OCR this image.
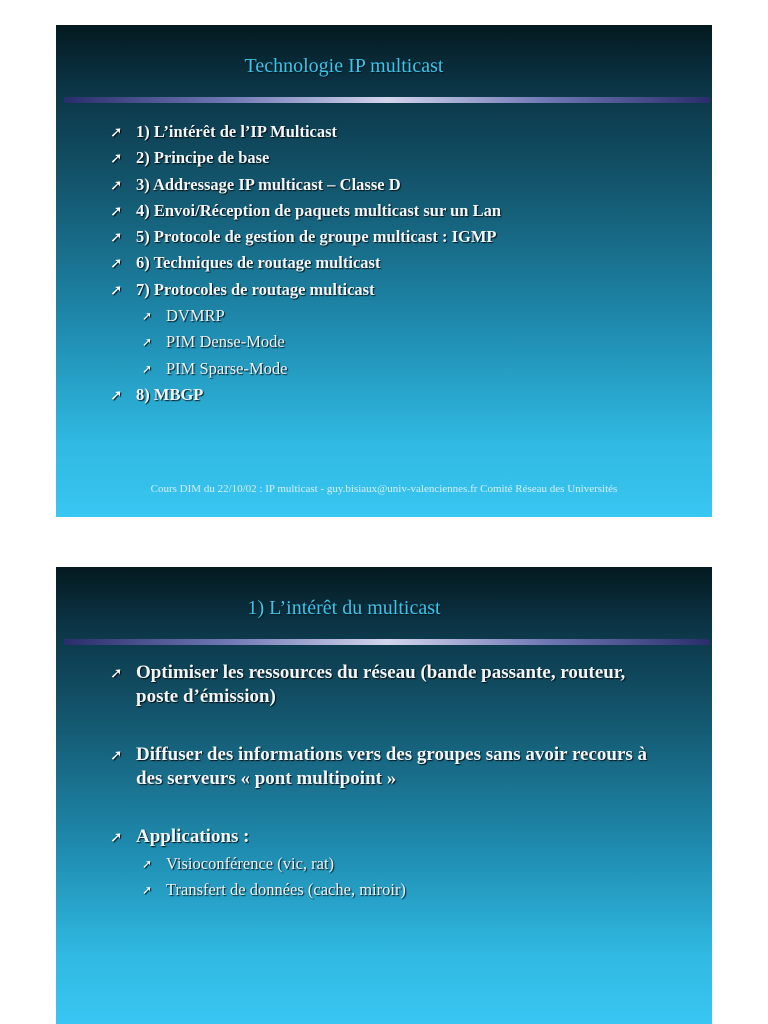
Technologie IP multicast
➚ 1) L’intérêt de l’IP Multicast
➚ 2) Principe de base
➚ 3) Addressage IP multicast – Classe D
➚ 4) Envoi/Réception de paquets multicast sur un Lan
➚ 5) Protocole de gestion de groupe multicast : IGMP
➚ 6) Techniques de routage multicast
➚ 7) Protocoles de routage multicast
➚ DVMRP
➚ PIM Dense-Mode
➚ PIM Sparse-Mode
➚ 8) MBGP
Cours DIM du 22/10/02 : IP multicast - guy.bisiaux@univ-valenciennes.fr Comité Réseau des Universités
1) L’intérêt du multicast
➚ Optimiser les ressources du réseau (bande passante, routeur, poste d’émission)
➚ Diffuser des informations vers des groupes sans avoir recours à des serveurs « pont multipoint »
➚ Applications :
➚ Visioconférence (vic, rat)
➚ Transfert de données (cache, miroir)
